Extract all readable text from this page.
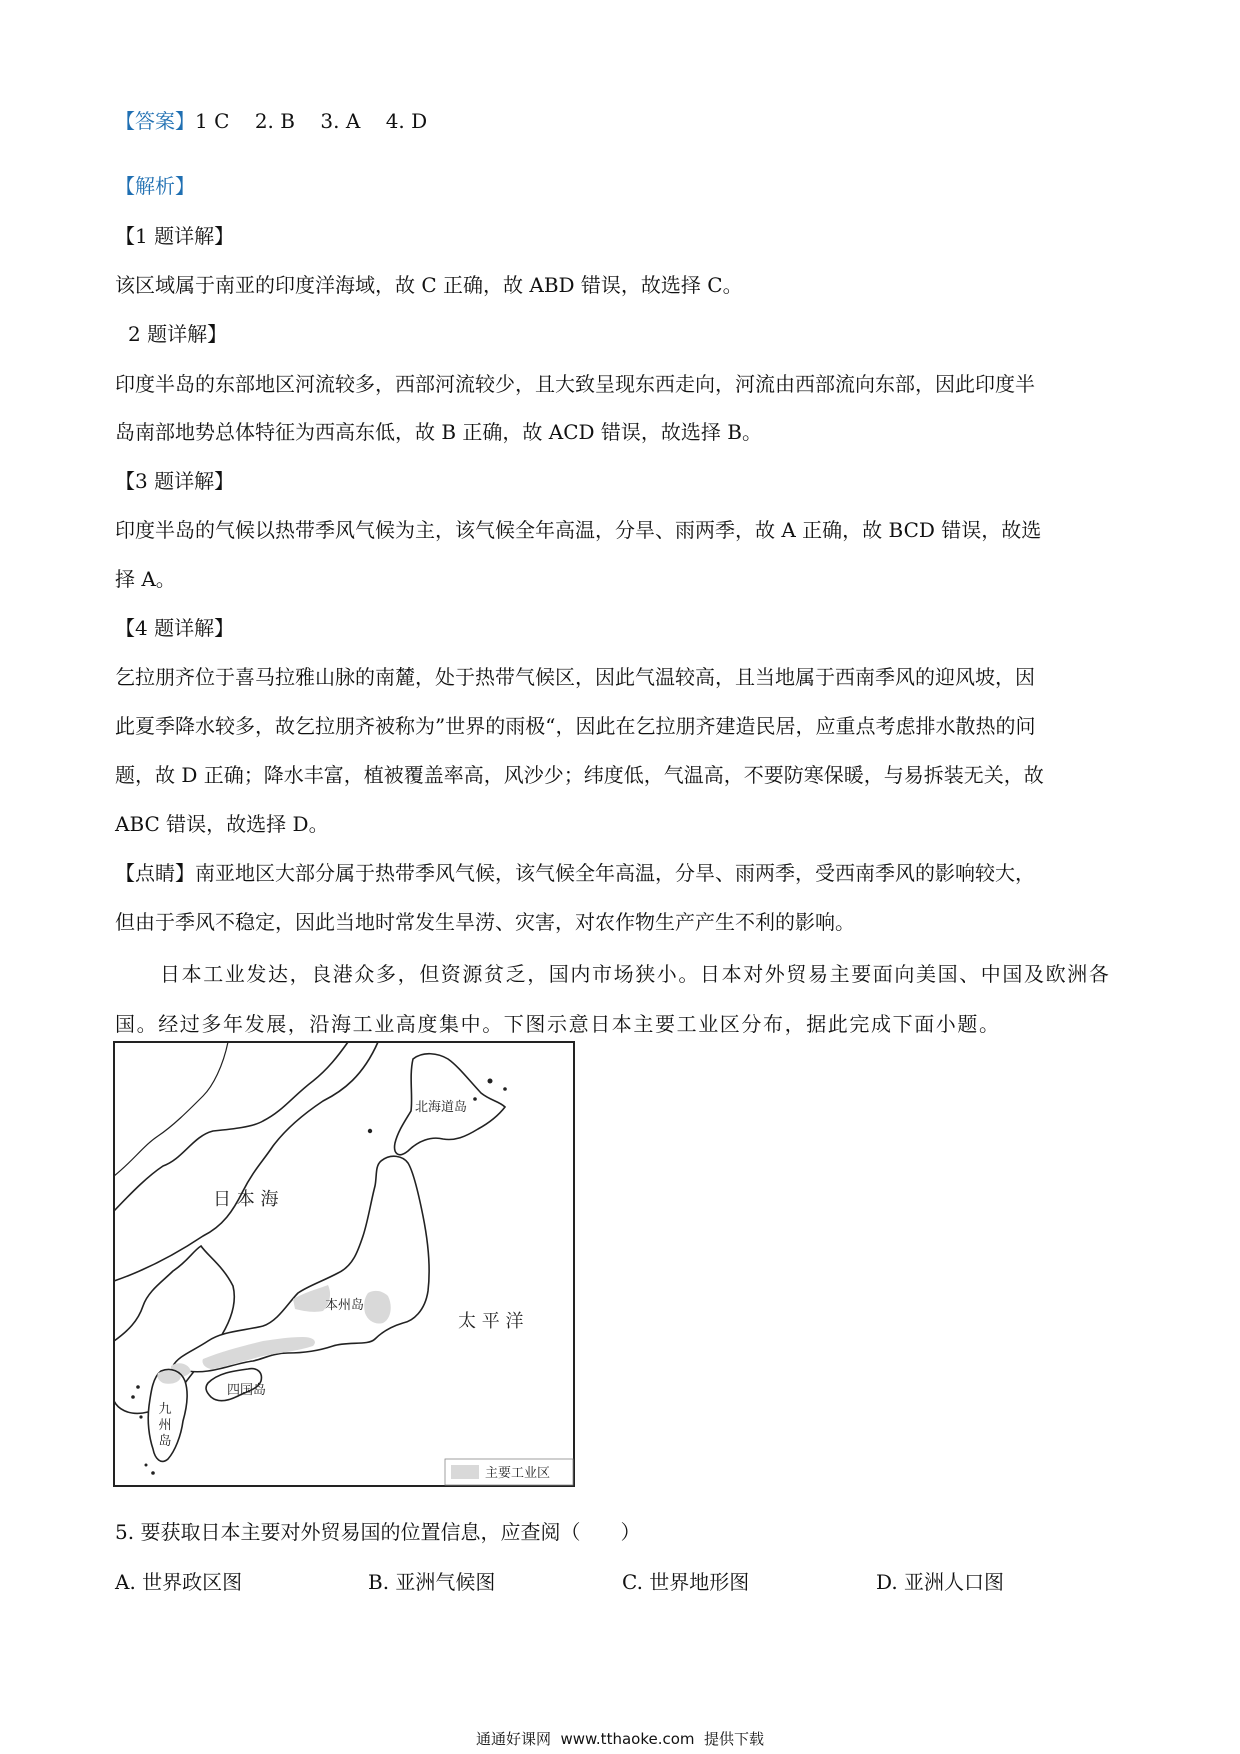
【答案】1 C    2. B    3. A    4. D
【解析】
【1 题详解】
该区域属于南亚的印度洋海域，故 C 正确，故 ABD 错误，故选择 C。
2 题详解】
印度半岛的东部地区河流较多，西部河流较少，且大致呈现东西走向，河流由西部流向东部，因此印度半
岛南部地势总体特征为西高东低，故 B 正确，故 ACD 错误，故选择 B。
【3 题详解】
印度半岛的气候以热带季风气候为主，该气候全年高温，分旱、雨两季，故 A 正确，故 BCD 错误，故选
择 A。
【4 题详解】
乞拉朋齐位于喜马拉雅山脉的南麓，处于热带气候区，因此气温较高，且当地属于西南季风的迎风坡，因
此夏季降水较多，故乞拉朋齐被称为”世界的雨极“，因此在乞拉朋齐建造民居，应重点考虑排水散热的问
题，故 D 正确；降水丰富，植被覆盖率高，风沙少；纬度低，气温高，不要防寒保暖，与易拆装无关，故
ABC 错误，故选择 D。
【点睛】南亚地区大部分属于热带季风气候，该气候全年高温，分旱、雨两季，受西南季风的影响较大，
但由于季风不稳定，因此当地时常发生旱涝、灾害，对农作物生产产生不利的影响。
日本工业发达，良港众多，但资源贫乏，国内市场狭小。日本对外贸易主要面向美国、中国及欧洲各
国。经过多年发展，沿海工业高度集中。下图示意日本主要工业区分布，据此完成下面小题。
日 本 海
太 平 洋
北海道岛
本州岛
四国岛
九
州
岛
主要工业区
5. 要获取日本主要对外贸易国的位置信息，应查阅（　　）
A. 世界政区图	B. 亚洲气候图	C. 世界地形图	D. 亚洲人口图
通通好课网  www.tthaoke.com  提供下载
